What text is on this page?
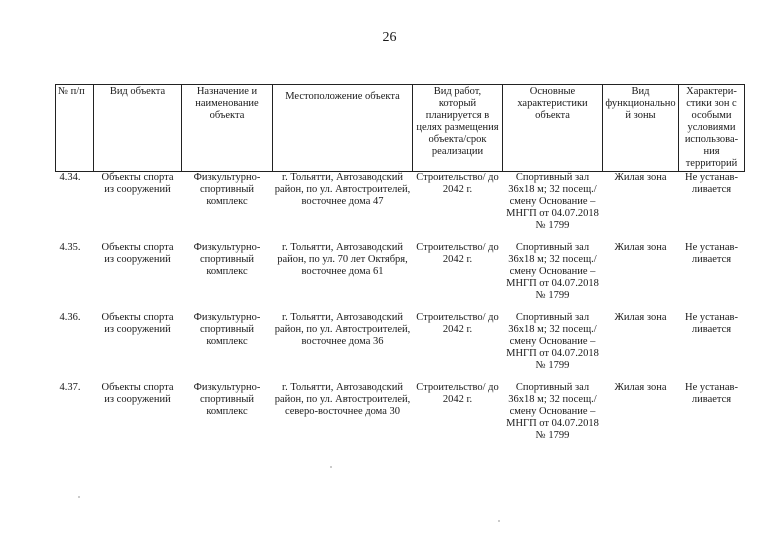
26
№ п/п	Вид объекта	Назначение и наименование объекта	Местоположение объекта	Вид работ, который планируется в целях размещения объекта/срок реализации	Основные характеристики объекта	Вид функционально й зоны	Характери-стики зон с особыми условиями использова-ния территорий
4.34.	Объекты спорта из сооружений	Физкультурно-спортивный комплекс	г. Тольятти, Автозаводский район, по ул. Автостроителей, восточнее дома 47	Строительство/ до 2042 г.	Спортивный зал 36х18 м; 32 посещ./смену Основание – МНГП от 04.07.2018 № 1799	Жилая зона	Не устанав-ливается
4.35.	Объекты спорта из сооружений	Физкультурно-спортивный комплекс	г. Тольятти, Автозаводский район, по ул. 70 лет Октября, восточнее дома 61	Строительство/ до 2042 г.	Спортивный зал 36х18 м; 32 посещ./смену Основание – МНГП от 04.07.2018 № 1799	Жилая зона	Не устанав-ливается
4.36.	Объекты спорта из сооружений	Физкультурно-спортивный комплекс	г. Тольятти, Автозаводский район, по ул. Автостроителей, восточнее дома 36	Строительство/ до 2042 г.	Спортивный зал 36х18 м; 32 посещ./смену Основание – МНГП от 04.07.2018 № 1799	Жилая зона	Не устанав-ливается
4.37.	Объекты спорта из сооружений	Физкультурно-спортивный комплекс	г. Тольятти, Автозаводский район, по ул. Автостроителей, северо-восточнее дома 30	Строительство/ до 2042 г.	Спортивный зал 36х18 м; 32 посещ./смену Основание – МНГП от 04.07.2018 № 1799	Жилая зона	Не устанав-ливается
